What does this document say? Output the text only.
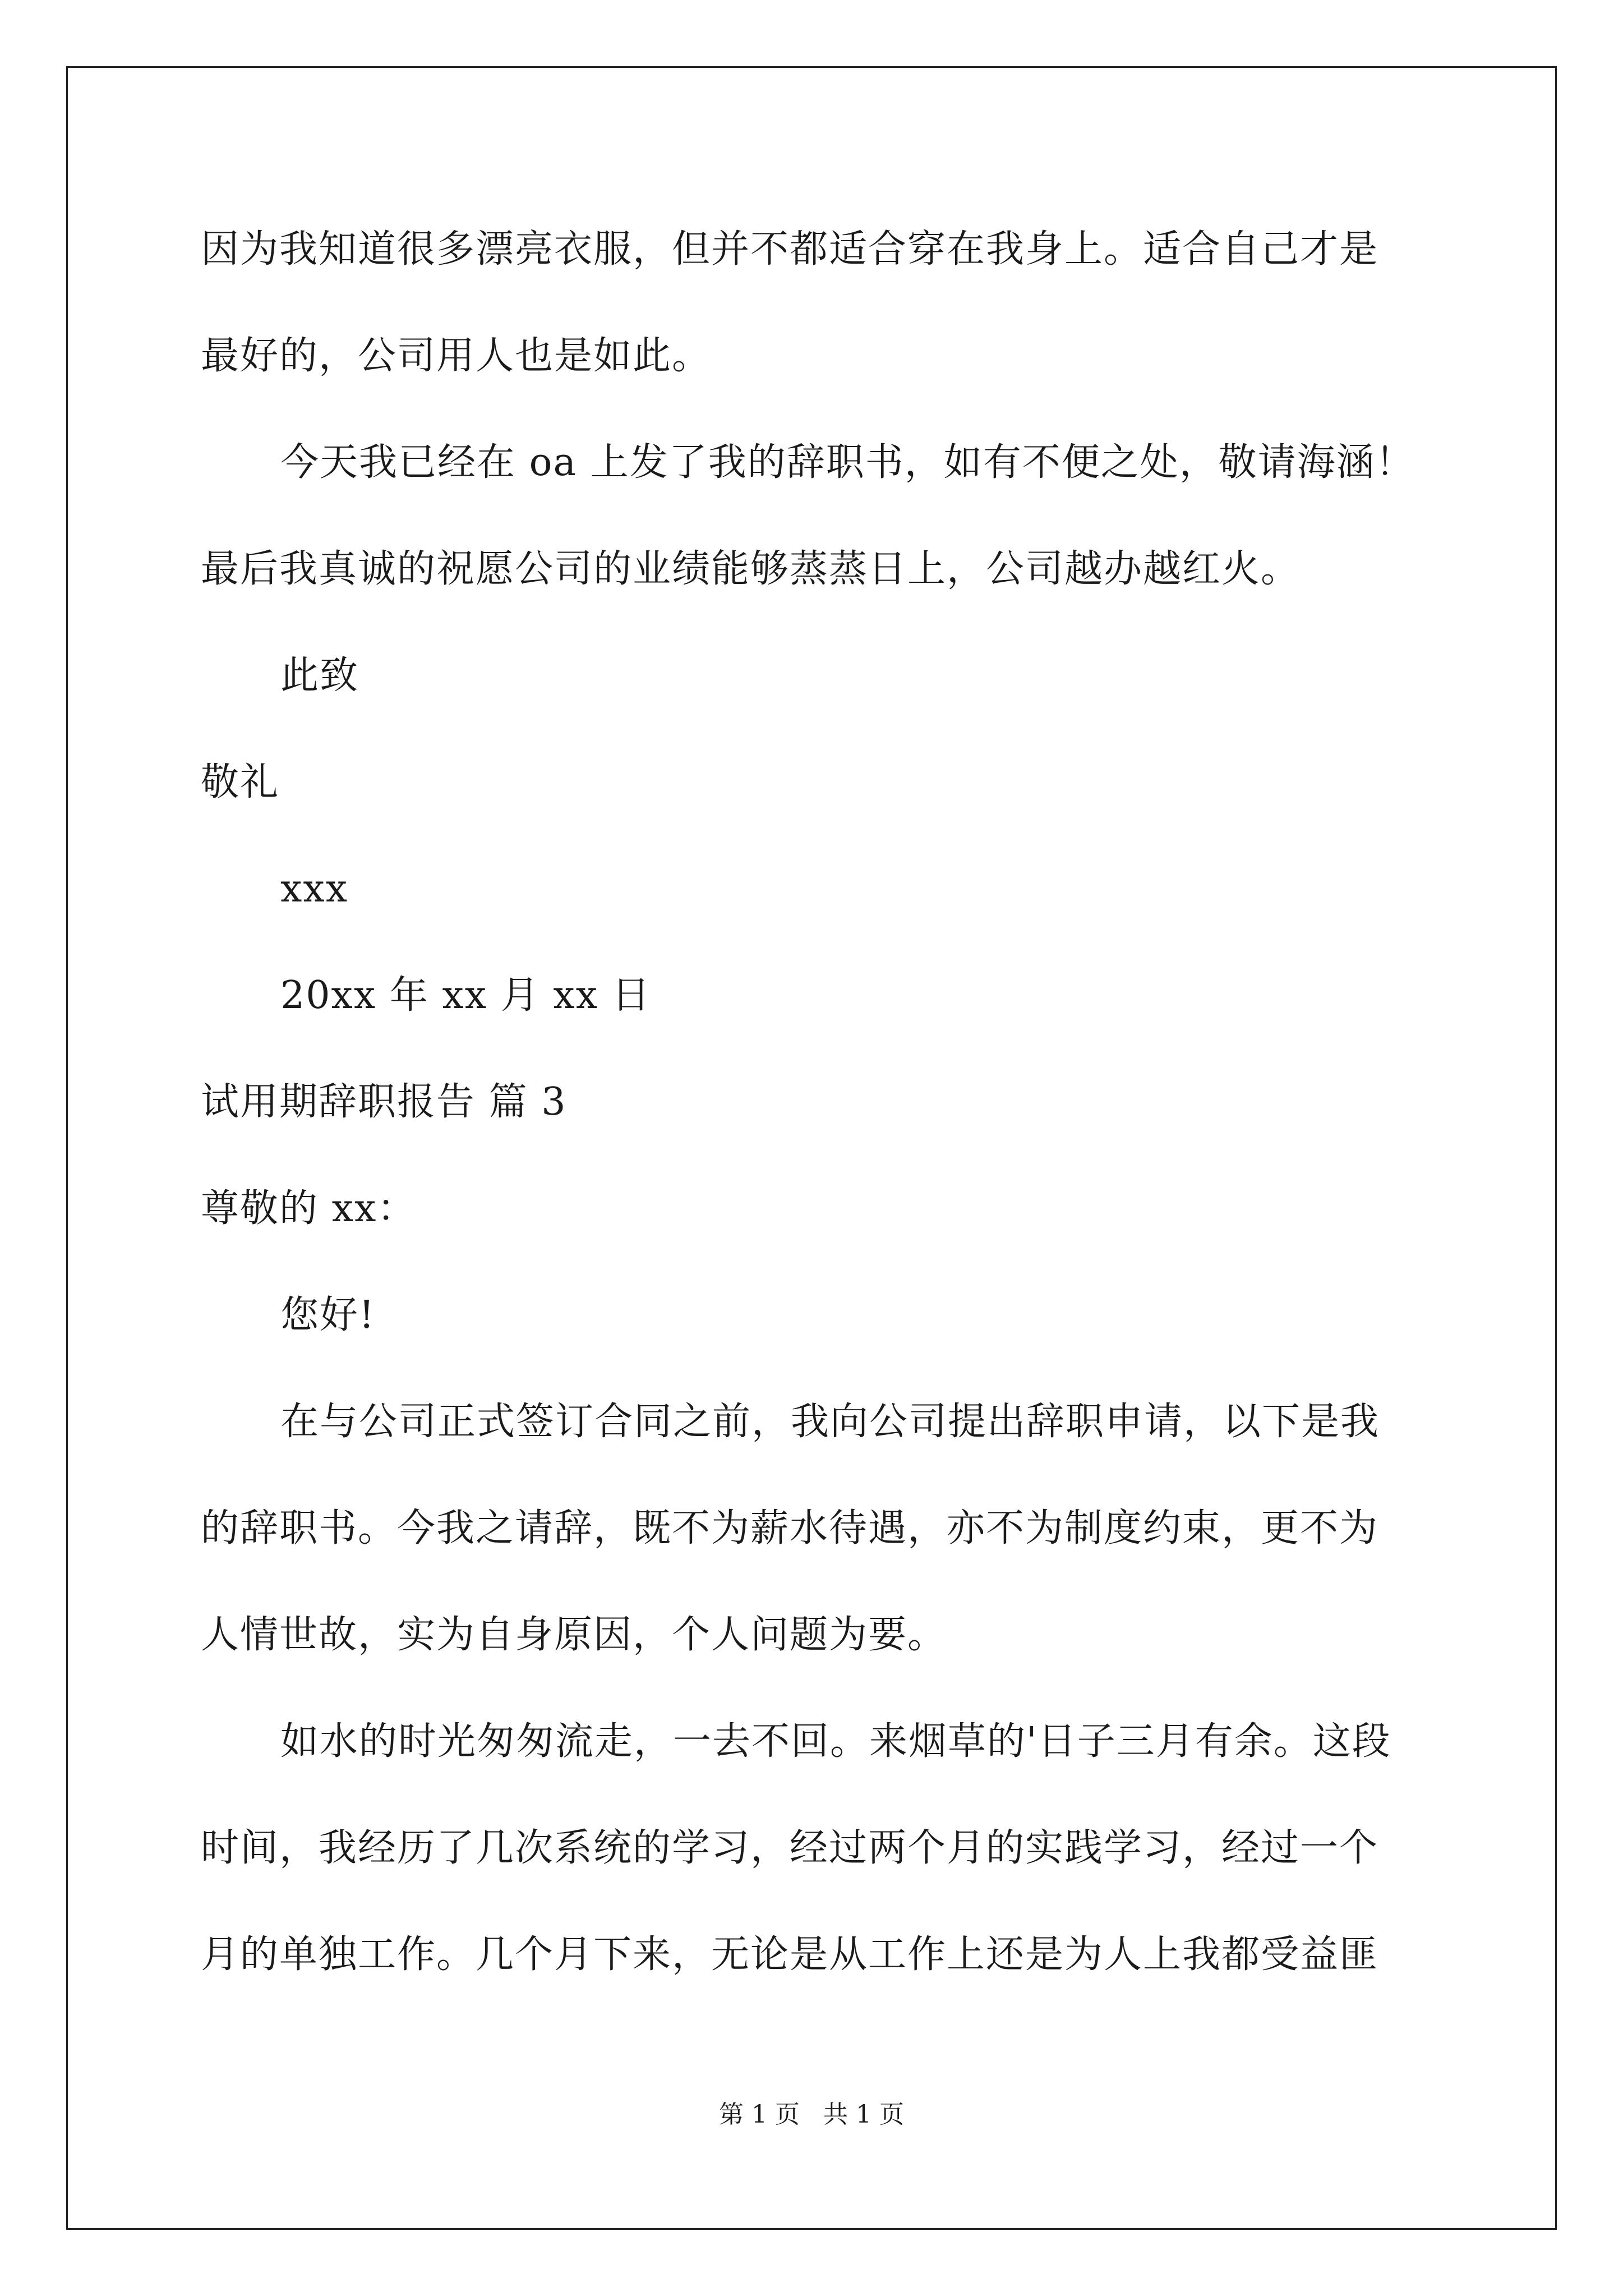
因为我知道很多漂亮衣服，但并不都适合穿在我身上。适合自己才是

最好的，公司用人也是如此。

今天我已经在 oa 上发了我的辞职书，如有不便之处，敬请海涵！

最后我真诚的祝愿公司的业绩能够蒸蒸日上，公司越办越红火。

此致

敬礼

xxx

20xx 年 xx 月 xx 日

试用期辞职报告 篇 3

尊敬的 xx：

您好!

在与公司正式签订合同之前，我向公司提出辞职申请，以下是我

的辞职书。今我之请辞，既不为薪水待遇，亦不为制度约束，更不为

人情世故，实为自身原因，个人问题为要。

如水的时光匆匆流走，一去不回。来烟草的'日子三月有余。这段

时间，我经历了几次系统的学习，经过两个月的实践学习，经过一个

月的单独工作。几个月下来，无论是从工作上还是为人上我都受益匪

第 1 页   共 1 页
